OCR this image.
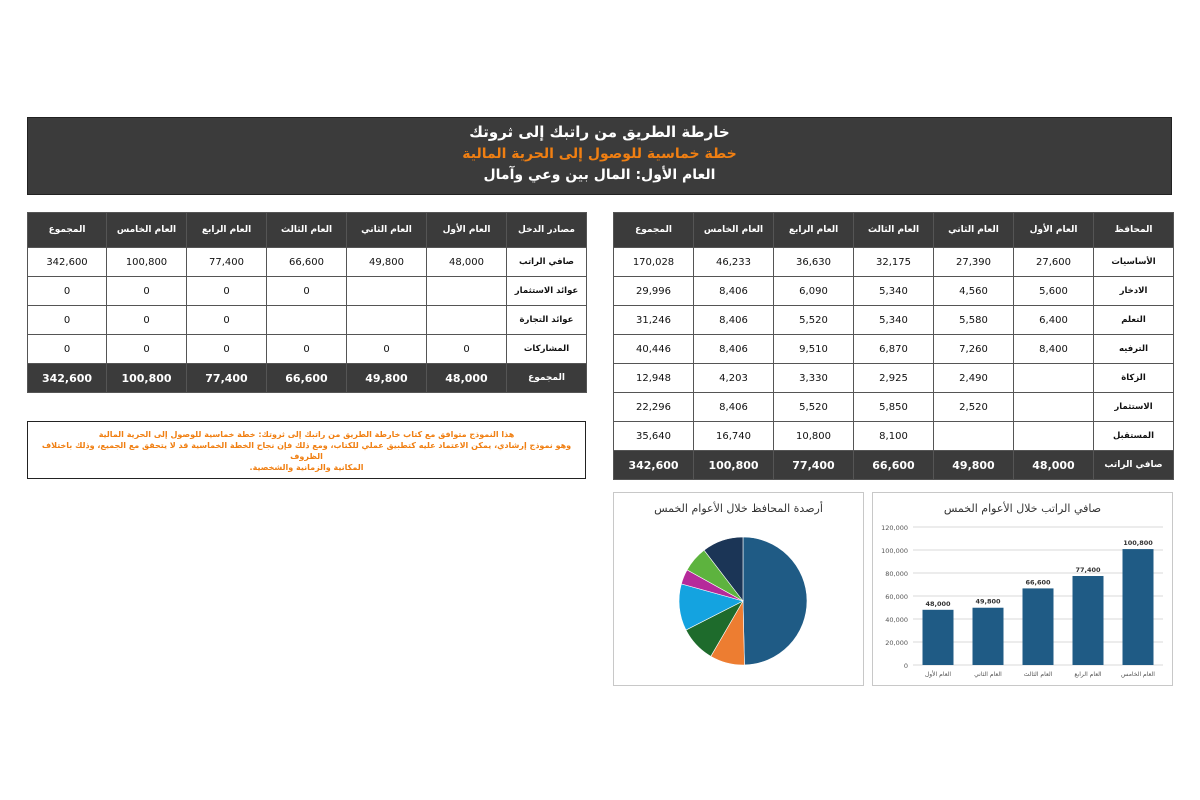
خارطة الطريق من راتبك إلى ثروتك
خطة خماسية للوصول إلى الحرية المالية
العام الأول: المال بين وعي وآمال
مصادر الدخل	العام الأول	العام الثاني	العام الثالث	العام الرابع	العام الخامس	المجموع
صافي الراتب	48,000	49,800	66,600	77,400	100,800	342,600
عوائد الاستثمار			0	0	0	0
عوائد التجارة				0	0	0
المشاركات	0	0	0	0	0	0
المجموع	48,000	49,800	66,600	77,400	100,800	342,600
المحافظ	العام الأول	العام الثاني	العام الثالث	العام الرابع	العام الخامس	المجموع
الأساسيات	27,600	27,390	32,175	36,630	46,233	170,028
الادخار	5,600	4,560	5,340	6,090	8,406	29,996
التعلم	6,400	5,580	5,340	5,520	8,406	31,246
الترفيه	8,400	7,260	6,870	9,510	8,406	40,446
الزكاة		2,490	2,925	3,330	4,203	12,948
الاستثمار		2,520	5,850	5,520	8,406	22,296
المستقبل			8,100	10,800	16,740	35,640
صافي الراتب	48,000	49,800	66,600	77,400	100,800	342,600
هذا النموذج متوافق مع كتاب خارطة الطريق من راتبك إلى ثروتك: خطة خماسية للوصول إلى الحرية المالية
وهو نموذج إرشادي، يمكن الاعتماد عليه كتطبيق عملي للكتاب، ومع ذلك فإن نجاح الخطة الخماسية قد لا يتحقق مع الجميع، وذلك باختلاف الظروف
المكانية والزمانية والشخصية.
أرصدة المحافظ خلال الأعوام الخمس	صافي الراتب خلال الأعوام الخمس
0
20,000
40,000
60,000
80,000
100,000
120,000
48,000
العام الأول
49,800
العام الثاني
66,600
العام الثالث
77,400
العام الرابع
100,800
العام الخامس
